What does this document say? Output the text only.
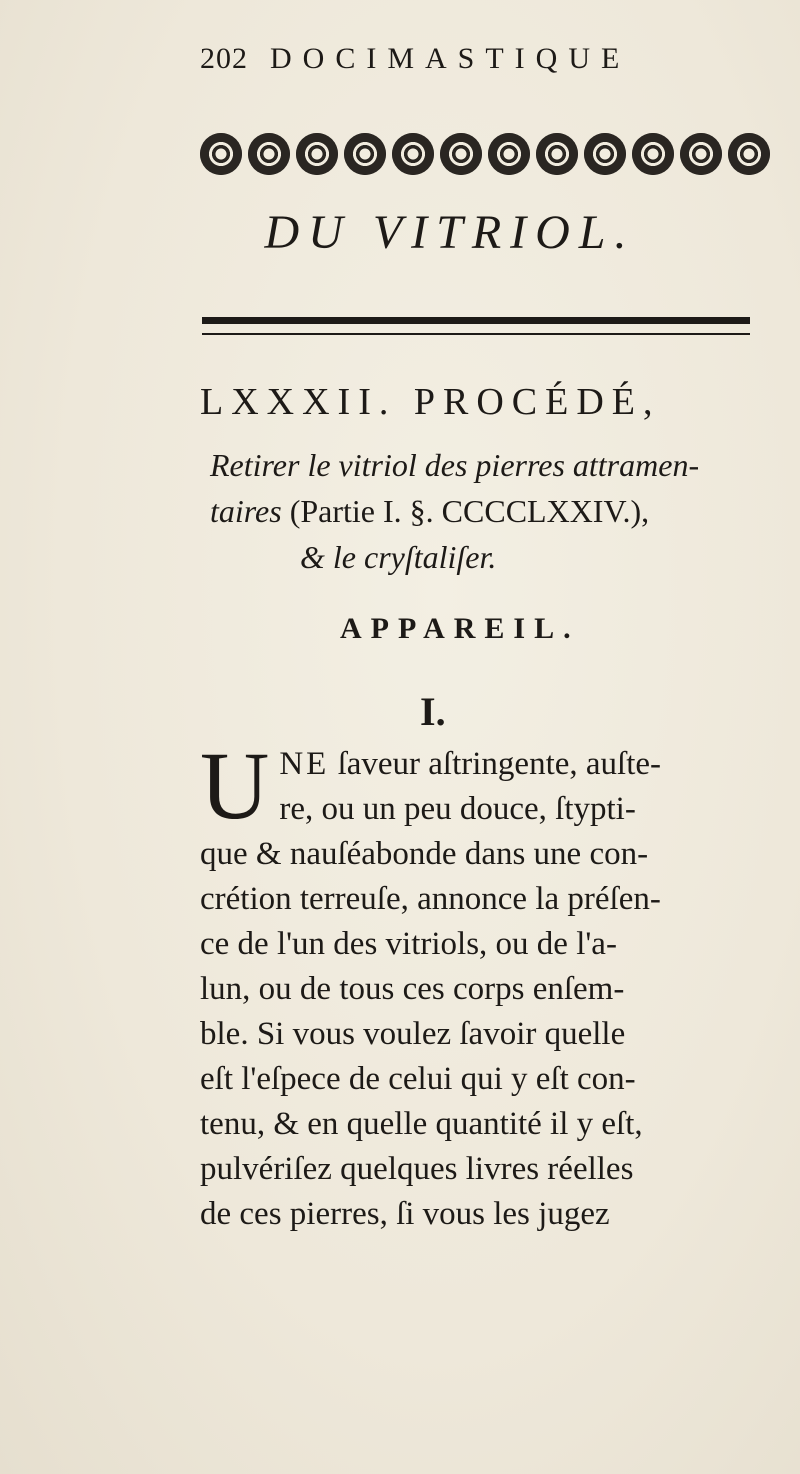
202 DOCIMASTIQUE
DU VITRIOL.
LXXXII. PROCÉDÉ,
Retirer le vitriol des pierres attramen-
taires (Partie I. §. CCCCLXXIV.),
& le cryſtaliſer.
APPAREIL.
I.
U NE ſaveur aſtringente, auſte-
re, ou un peu douce, ſtypti-
que & nauſéabonde dans une con-
crétion terreuſe, annonce la préſen-
ce de l'un des vitriols, ou de l'a-
lun, ou de tous ces corps enſem-
ble. Si vous voulez ſavoir quelle
eſt l'eſpece de celui qui y eſt con-
tenu, & en quelle quantité il y eſt,
pulvériſez quelques livres réelles
de ces pierres, ſi vous les jugez
